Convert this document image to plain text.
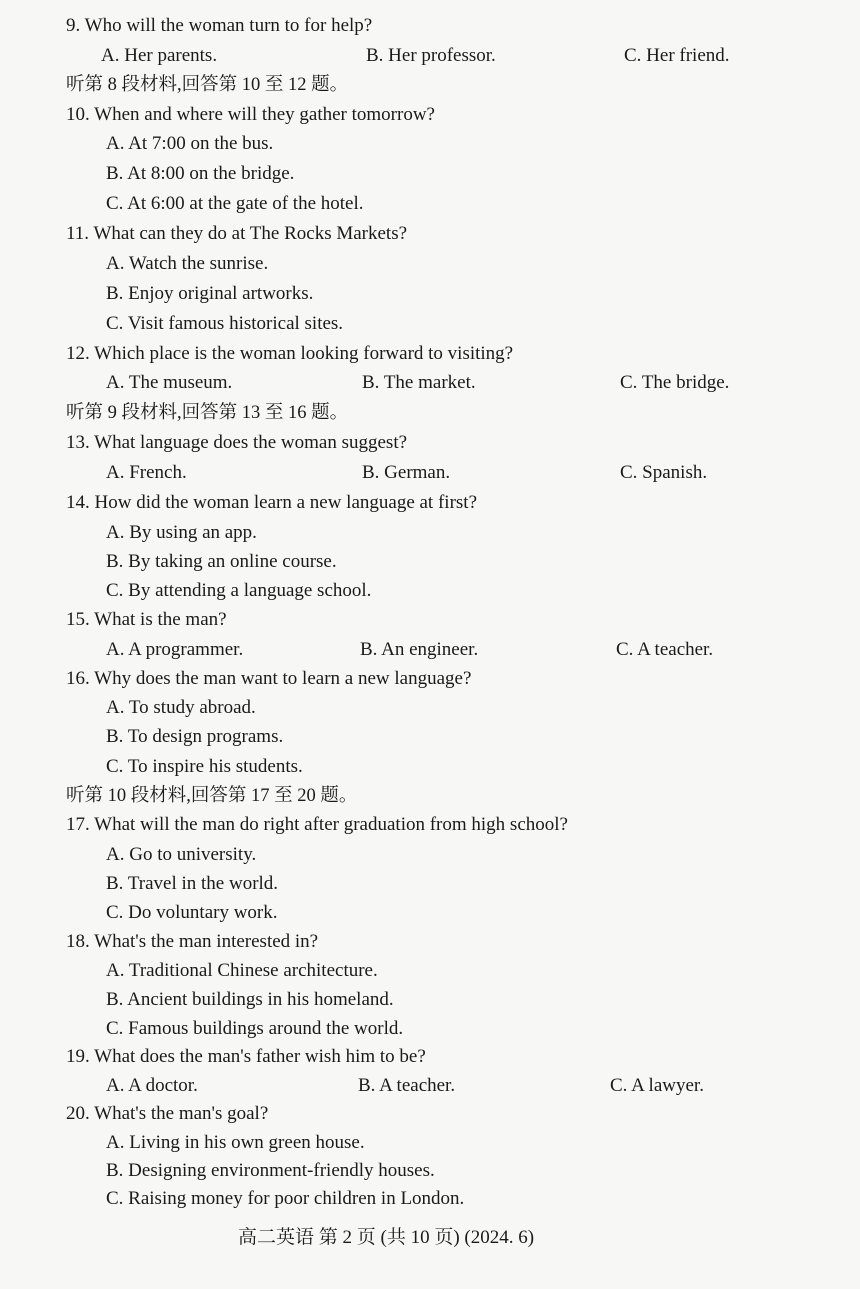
9. Who will the woman turn to for help?
A. Her parents.	B. Her professor.	C. Her friend.
听第 8 段材料,回答第 10 至 12 题。
10. When and where will they gather tomorrow?
A. At 7:00 on the bus.
B. At 8:00 on the bridge.
C. At 6:00 at the gate of the hotel.
11. What can they do at The Rocks Markets?
A. Watch the sunrise.
B. Enjoy original artworks.
C. Visit famous historical sites.
12. Which place is the woman looking forward to visiting?
A. The museum.	B. The market.	C. The bridge.
听第 9 段材料,回答第 13 至 16 题。
13. What language does the woman suggest?
A. French.	B. German.	C. Spanish.
14. How did the woman learn a new language at first?
A. By using an app.
B. By taking an online course.
C. By attending a language school.
15. What is the man?
A. A programmer.	B. An engineer.	C. A teacher.
16. Why does the man want to learn a new language?
A. To study abroad.
B. To design programs.
C. To inspire his students.
听第 10 段材料,回答第 17 至 20 题。
17. What will the man do right after graduation from high school?
A. Go to university.
B. Travel in the world.
C. Do voluntary work.
18. What's the man interested in?
A. Traditional Chinese architecture.
B. Ancient buildings in his homeland.
C. Famous buildings around the world.
19. What does the man's father wish him to be?
A. A doctor.	B. A teacher.	C. A lawyer.
20. What's the man's goal?
A. Living in his own green house.
B. Designing environment-friendly houses.
C. Raising money for poor children in London.
高二英语 第 2 页 (共 10 页) (2024. 6)
